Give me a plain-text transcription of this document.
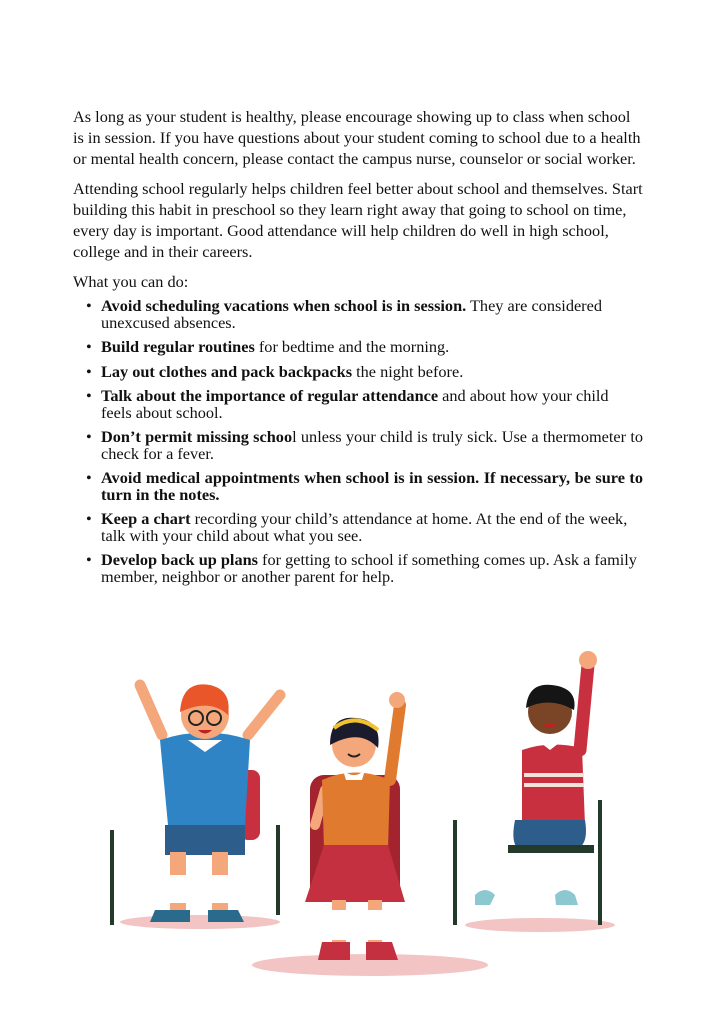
As long as your student is healthy, please encourage showing up to class when school is in session. If you have questions about your student coming to school due to a health or mental health concern, please contact the campus nurse, counselor or social worker.

Attending school regularly helps children feel better about school and themselves. Start building this habit in preschool so they learn right away that going to school on time, every day is important. Good attendance will help children do well in high school, college and in their careers.

What you can do:

• Avoid scheduling vacations when school is in session. They are considered unexcused absences.
• Build regular routines for bedtime and the morning.
• Lay out clothes and pack backpacks the night before.
• Talk about the importance of regular attendance and about how your child feels about school.
• Don’t permit missing school unless your child is truly sick. Use a thermometer to check for a fever.
• Avoid medical appointments when school is in session. If necessary, be sure to turn in the notes.
• Keep a chart recording your child’s attendance at home. At the end of the week, talk with your child about what you see.
• Develop back up plans for getting to school if something comes up. Ask a family member, neighbor or another parent for help.
